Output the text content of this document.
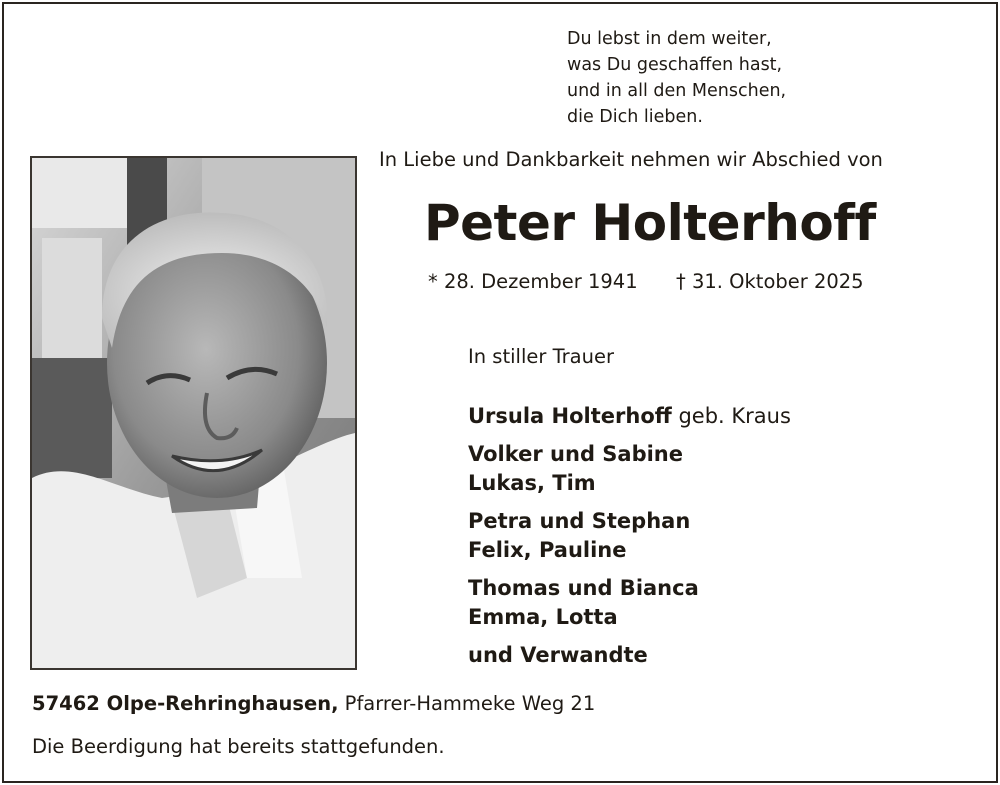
Du lebst in dem weiter,
was Du geschaffen hast,
und in all den Menschen,
die Dich lieben.
In Liebe und Dankbarkeit nehmen wir Abschied von
Peter Holterhoff
* 28. Dezember 1941 † 31. Oktober 2025
In stiller Trauer
Ursula Holterhoff geb. Kraus
Volker und Sabine
Lukas, Tim
Petra und Stephan
Felix, Pauline
Thomas und Bianca
Emma, Lotta
und Verwandte
57462 Olpe-Rehringhausen, Pfarrer-Hammeke Weg 21
Die Beerdigung hat bereits stattgefunden.
